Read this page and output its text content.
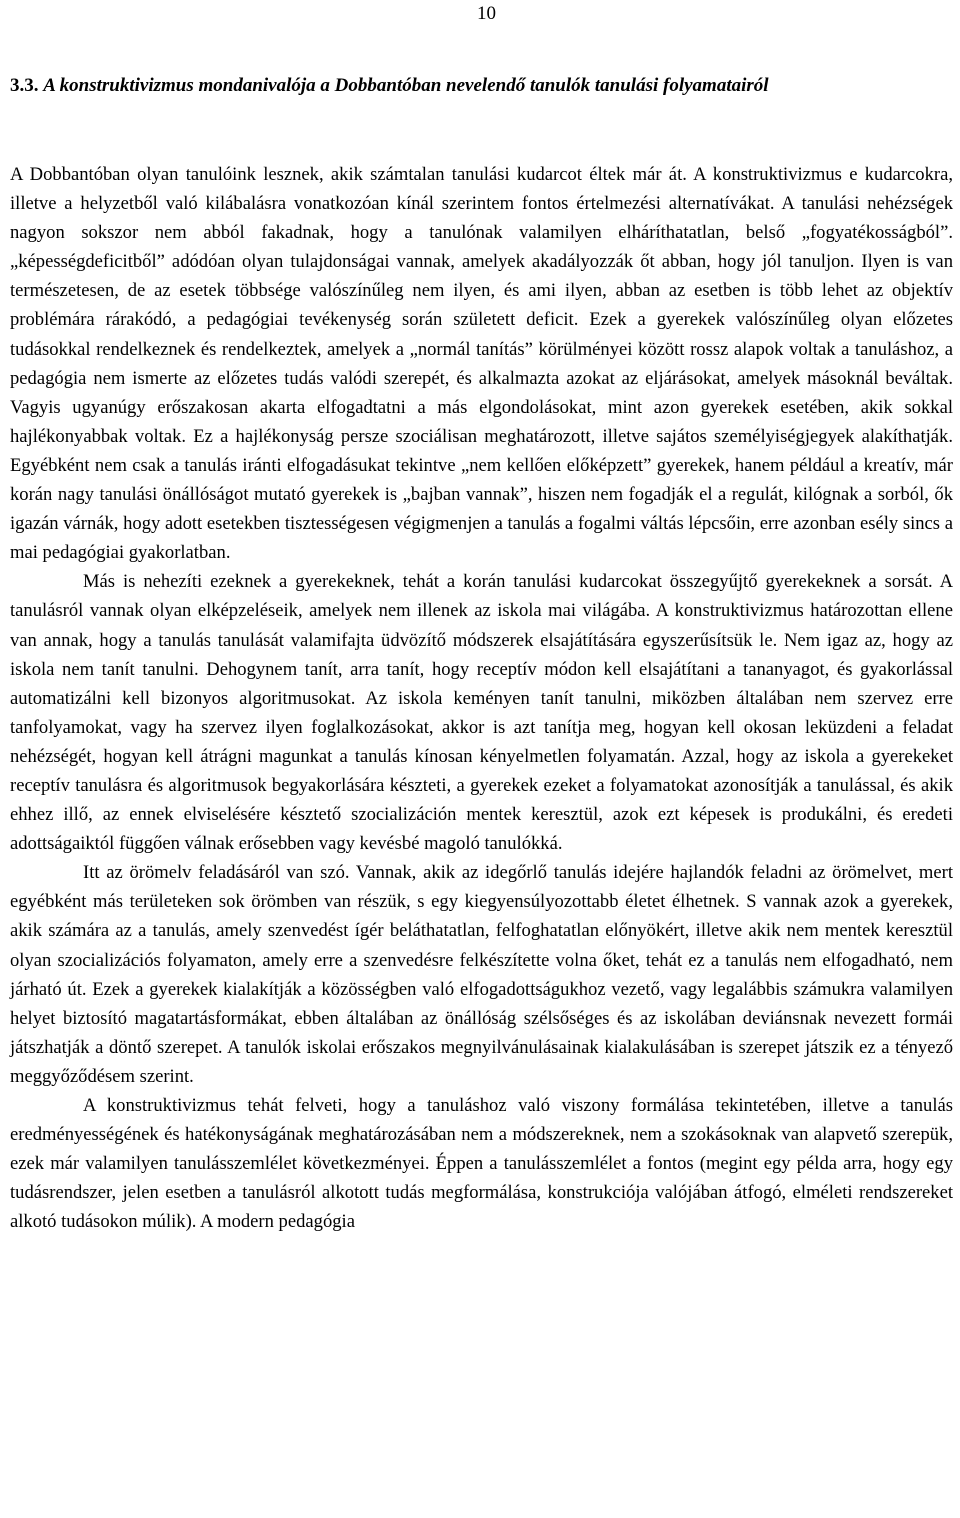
10
3.3. A konstruktivizmus mondanivalója a Dobbantóban nevelendő tanulók tanulási folyamatairól

A Dobbantóban olyan tanulóink lesznek, akik számtalan tanulási kudarcot éltek már át. A konstruktivizmus e kudarcokra, illetve a helyzetből való kilábalásra vonatkozóan kínál szerintem fontos értelmezési alternatívákat. A tanulási nehézségek nagyon sokszor nem abból fakadnak, hogy a tanulónak valamilyen elháríthatatlan, belső „fogyatékosságból”. „képességdeficitből” adódóan olyan tulajdonságai vannak, amelyek akadályozzák őt abban, hogy jól tanuljon. Ilyen is van természetesen, de az esetek többsége valószínűleg nem ilyen, és ami ilyen, abban az esetben is több lehet az objektív problémára rárakódó, a pedagógiai tevékenység során született deficit. Ezek a gyerekek valószínűleg olyan előzetes tudásokkal rendelkeznek és rendelkeztek, amelyek a „normál tanítás” körülményei között rossz alapok voltak a tanuláshoz, a pedagógia nem ismerte az előzetes tudás valódi szerepét, és alkalmazta azokat az eljárásokat, amelyek másoknál beváltak. Vagyis ugyanúgy erőszakosan akarta elfogadtatni a más elgondolásokat, mint azon gyerekek esetében, akik sokkal hajlékonyabbak voltak. Ez a hajlékonyság persze szociálisan meghatározott, illetve sajátos személyiségjegyek alakíthatják. Egyébként nem csak a tanulás iránti elfogadásukat tekintve „nem kellően előképzett” gyerekek, hanem például a kreatív, már korán nagy tanulási önállóságot mutató gyerekek is „bajban vannak”, hiszen nem fogadják el a regulát, kilógnak a sorból, ők igazán várnák, hogy adott esetekben tisztességesen végigmenjen a tanulás a fogalmi váltás lépcsőin, erre azonban esély sincs a mai pedagógiai gyakorlatban.

Más is nehezíti ezeknek a gyerekeknek, tehát a korán tanulási kudarcokat összegyűjtő gyerekeknek a sorsát. A tanulásról vannak olyan elképzeléseik, amelyek nem illenek az iskola mai világába. A konstruktivizmus határozottan ellene van annak, hogy a tanulás tanulását valamifajta üdvözítő módszerek elsajátítására egyszerűsítsük le. Nem igaz az, hogy az iskola nem tanít tanulni. Dehogynem tanít, arra tanít, hogy receptív módon kell elsajátítani a tananyagot, és gyakorlással automatizálni kell bizonyos algoritmusokat. Az iskola keményen tanít tanulni, miközben általában nem szervez erre tanfolyamokat, vagy ha szervez ilyen foglalkozásokat, akkor is azt tanítja meg, hogyan kell okosan leküzdeni a feladat nehézségét, hogyan kell átrágni magunkat a tanulás kínosan kényelmetlen folyamatán. Azzal, hogy az iskola a gyerekeket receptív tanulásra és algoritmusok begyakorlására készteti, a gyerekek ezeket a folyamatokat azonosítják a tanulással, és akik ehhez illő, az ennek elviselésére késztető szocializáción mentek keresztül, azok ezt képesek is produkálni, és eredeti adottságaiktól függően válnak erősebben vagy kevésbé magoló tanulókká.

Itt az örömelv feladásáról van szó. Vannak, akik az idegőrlő tanulás idejére hajlandók feladni az örömelvet, mert egyébként más területeken sok örömben van részük, s egy kiegyensúlyozottabb életet élhetnek. S vannak azok a gyerekek, akik számára az a tanulás, amely szenvedést ígér beláthatatlan, felfoghatatlan előnyökért, illetve akik nem mentek keresztül olyan szocializációs folyamaton, amely erre a szenvedésre felkészítette volna őket, tehát ez a tanulás nem elfogadható, nem járható út. Ezek a gyerekek kialakítják a közösségben való elfogadottságukhoz vezető, vagy legalábbis számukra valamilyen helyet biztosító magatartásformákat, ebben általában az önállóság szélsőséges és az iskolában deviánsnak nevezett formái játszhatják a döntő szerepet. A tanulók iskolai erőszakos megnyilvánulásainak kialakulásában is szerepet játszik ez a tényező meggyőződésem szerint.

A konstruktivizmus tehát felveti, hogy a tanuláshoz való viszony formálása tekintetében, illetve a tanulás eredményességének és hatékonyságának meghatározásában nem a módszereknek, nem a szokásoknak van alapvető szerepük, ezek már valamilyen tanulásszemlélet következményei. Éppen a tanulásszemlélet a fontos (megint egy példa arra, hogy egy tudásrendszer, jelen esetben a tanulásról alkotott tudás megformálása, konstrukciója valójában átfogó, elméleti rendszereket alkotó tudásokon múlik). A modern pedagógia
